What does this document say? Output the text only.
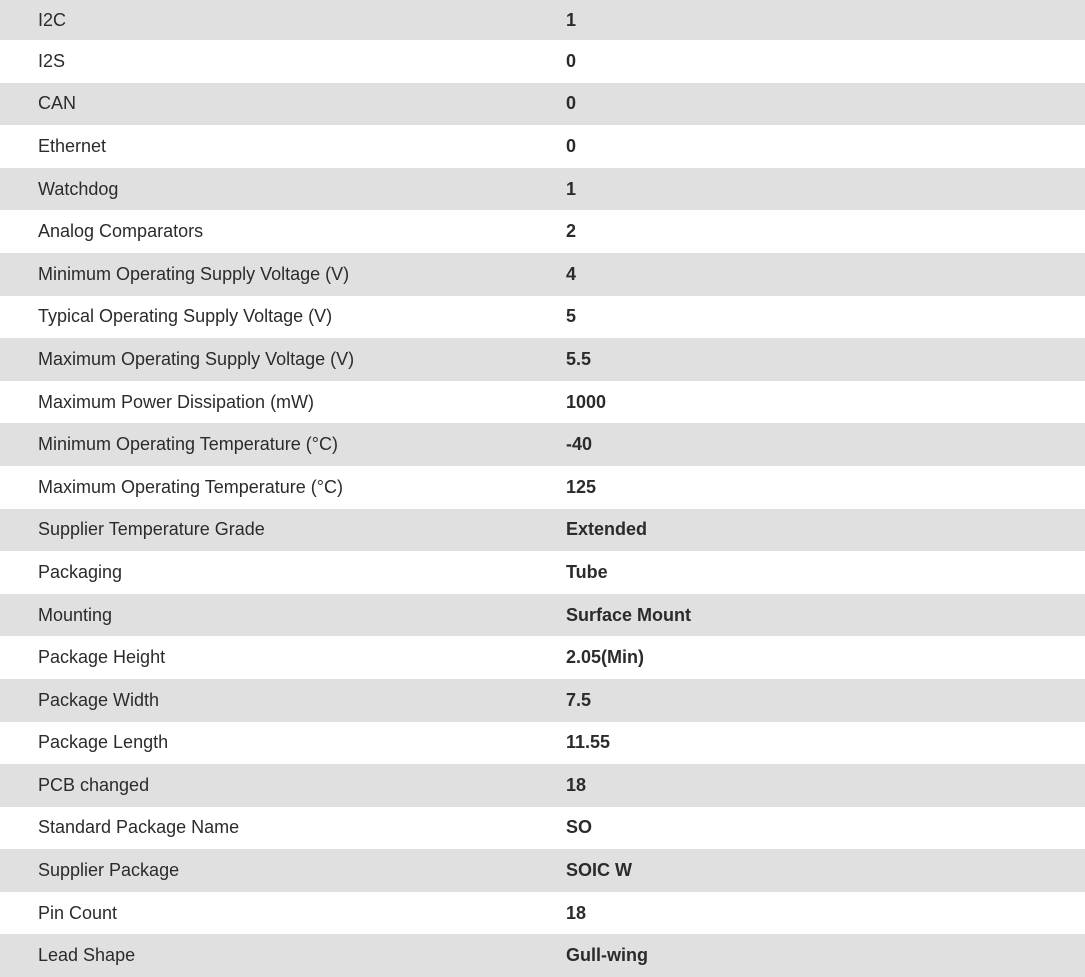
I2C	1
I2S	0
CAN	0
Ethernet	0
Watchdog	1
Analog Comparators	2
Minimum Operating Supply Voltage (V)	4
Typical Operating Supply Voltage (V)	5
Maximum Operating Supply Voltage (V)	5.5
Maximum Power Dissipation (mW)	1000
Minimum Operating Temperature (°C)	-40
Maximum Operating Temperature (°C)	125
Supplier Temperature Grade	Extended
Packaging	Tube
Mounting	Surface Mount
Package Height	2.05(Min)
Package Width	7.5
Package Length	11.55
PCB changed	18
Standard Package Name	SO
Supplier Package	SOIC W
Pin Count	18
Lead Shape	Gull-wing
